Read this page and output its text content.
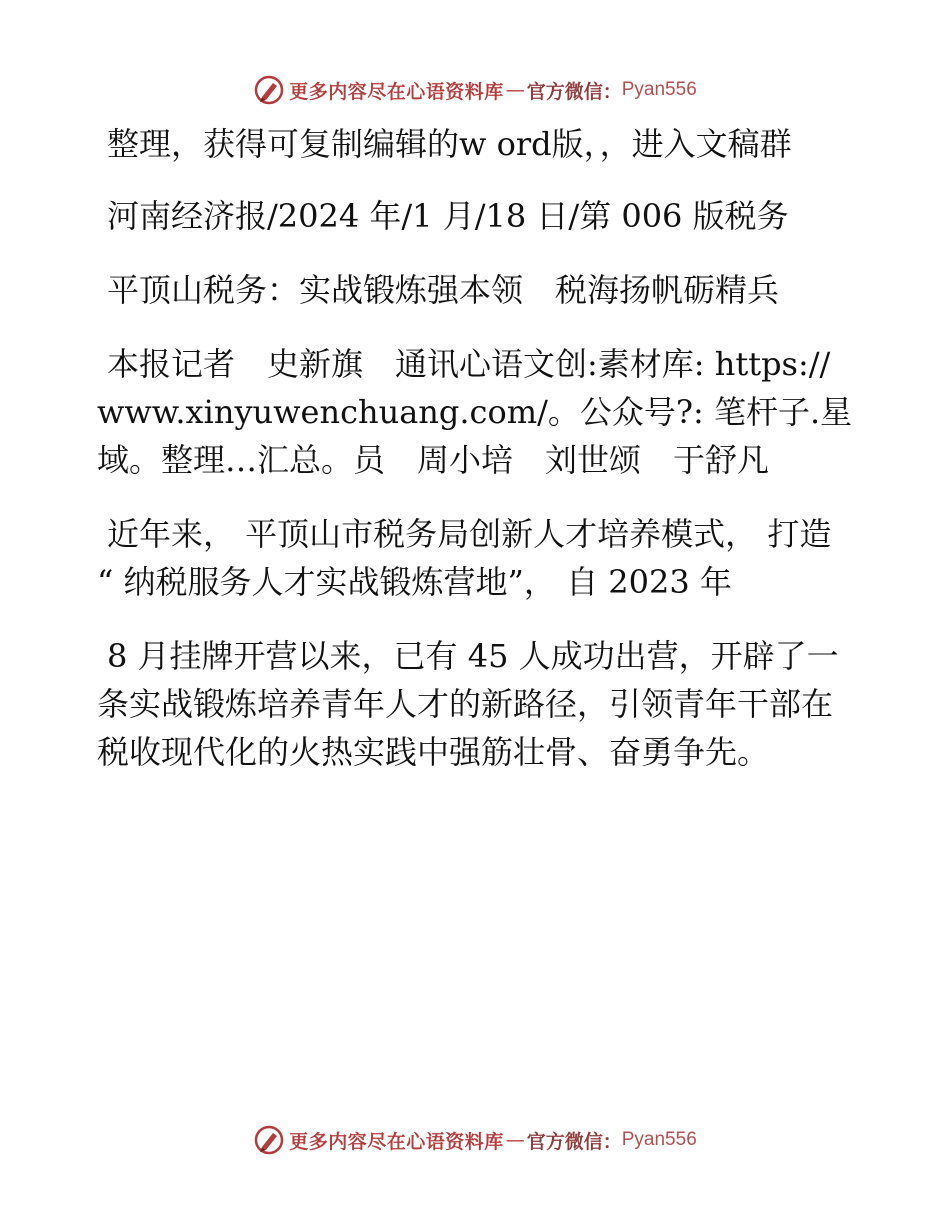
更多内容尽在心语资料库 — 官方微信： Pyan556

整理，获得可复制编辑的w ord版，，进入文稿群

河南经济报/2024 年/1 月/18 日/第 006 版税务

平顶山税务：实战锻炼强本领　税海扬帆砺精兵

本报记者　史新旗　通讯心语文创:素材库: https://www.xinyuwenchuang.com/。公众号?: 笔杆子.星域。整理…汇总。员　周小培　刘世颂　于舒凡

近年来， 平顶山市税务局创新人才培养模式， 打造 “ 纳税服务人才实战锻炼营地”， 自 2023 年

8 月挂牌开营以来，已有 45 人成功出营，开辟了一条实战锻炼培养青年人才的新路径，引领青年干部在税收现代化的火热实践中强筋壮骨、奋勇争先。

更多内容尽在心语资料库 — 官方微信： Pyan556
